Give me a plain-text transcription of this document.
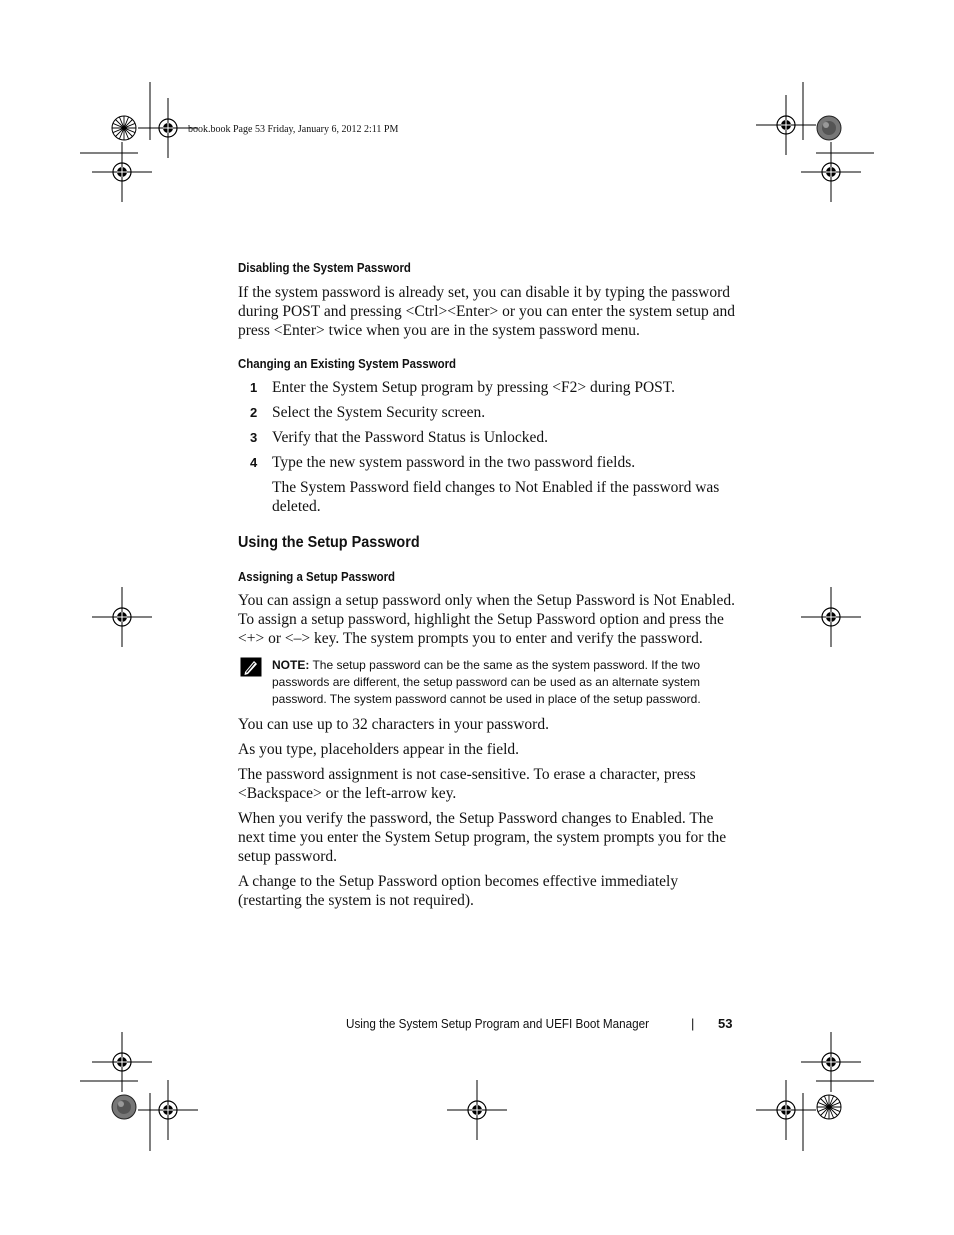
book.book Page 53 Friday, January 6, 2012 2:11 PM
Disabling the System Password

If the system password is already set, you can disable it by typing the password during POST and pressing <Ctrl><Enter> or you can enter the system setup and press <Enter> twice when you are in the system password menu.

Changing an Existing System Password
1 Enter the System Setup program by pressing <F2> during POST.
2 Select the System Security screen.
3 Verify that the Password Status is Unlocked.
4 Type the new system password in the two password fields.
The System Password field changes to Not Enabled if the password was deleted.
Using the Setup Password
Assigning a Setup Password

You can assign a setup password only when the Setup Password is Not Enabled. To assign a setup password, highlight the Setup Password option and press the <+> or <–> key. The system prompts you to enter and verify the password.

NOTE: The setup password can be the same as the system password. If the two passwords are different, the setup password can be used as an alternate system password. The system password cannot be used in place of the setup password.

You can use up to 32 characters in your password.

As you type, placeholders appear in the field.

The password assignment is not case-sensitive. To erase a character, press <Backspace> or the left-arrow key.

When you verify the password, the Setup Password changes to Enabled. The next time you enter the System Setup program, the system prompts you for the setup password.

A change to the Setup Password option becomes effective immediately (restarting the system is not required).

Using the System Setup Program and UEFI Boot Manager	| 53
